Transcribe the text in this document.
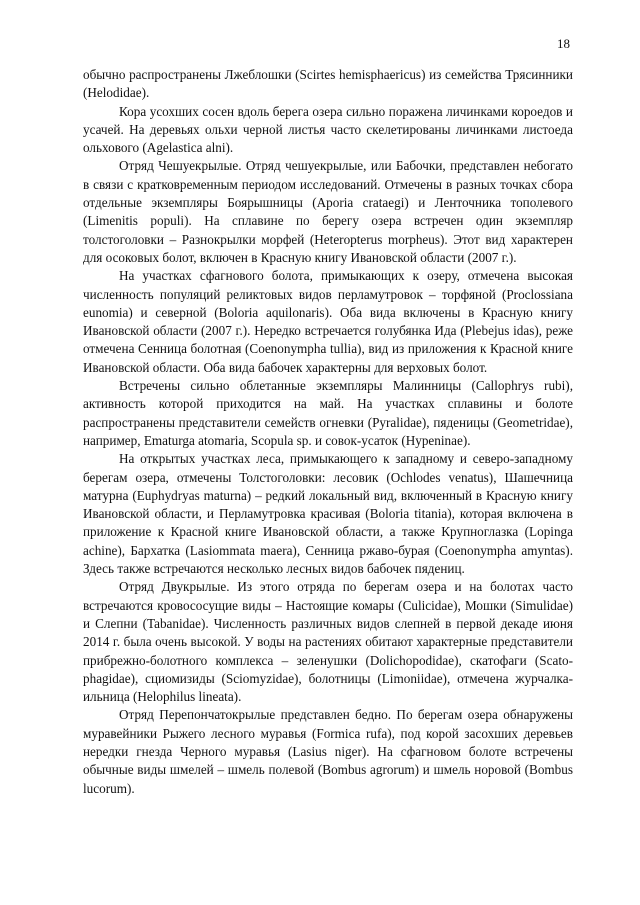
18

обычно распространены Лжеблошки (Scirtes hemisphaericus) из семейства Трясинники (Helodidae).

Кора усохших сосен вдоль берега озера сильно поражена личинками короедов и усачей. На деревьях ольхи черной листья часто скелетированы личинками листоеда ольхового (Agelastica alni).

Отряд Чешуекрылые. Отряд чешуекрылые, или Бабочки, представлен небогато в связи с кратковременным периодом исследований. Отмечены в разных точках сбора отдельные экземпляры Боярышницы (Aporia crataegi) и Ленточника тополевого (Limenitis populi). На сплавине по берегу озера встречен один экземпляр толстоголовки – Разнокрылки морфей (Heteropterus morpheus). Этот вид характерен для осоковых болот, включен в Красную книгу Ивановской области (2007 г.).

На участках сфагнового болота, примыкающих к озеру, отмечена высокая численность популяций реликтовых видов перламутровок – торфяной (Proclossiana eunomia) и северной (Boloria aquilonaris). Оба вида включены в Красную книгу Ивановской области (2007 г.). Нередко встречается голубянка Ида (Plebejus idas), реже отмечена Сенница болотная (Coenonympha tullia), вид из приложения к Красной книге Ивановской области. Оба вида бабочек характерны для верховых болот.

Встречены сильно облетанные экземпляры Малинницы (Callophrys rubi), активность которой приходится на май. На участках сплавины и болоте распространены представители семейств огневки (Pyralidae), пяденицы (Geometridae), например, Ematurga atomaria, Scopula sp. и совок-усаток (Hypeninae).

На открытых участках леса, примыкающего к западному и северо-западному берегам озера, отмечены Толстоголовки: лесовик (Ochlodes venatus), Шашечница матурна (Euphydryas maturna) – редкий локальный вид, включенный в Красную книгу Ивановской области, и Перламутровка красивая (Boloria titania), которая включена в приложение к Красной книге Ивановской области, а также Крупноглазка (Lopinga achine), Бархатка (Lasiommata maera), Сенница ржаво-бурая (Coenonympha amyntas). Здесь также встречаются несколько лесных видов бабочек пядениц.

Отряд Двукрылые. Из этого отряда по берегам озера и на болотах часто встречаются кровососущие виды – Настоящие комары (Culicidae), Мошки (Simulidae) и Слепни (Tabanidae). Численность различных видов слепней в первой декаде июня 2014 г. была очень высокой. У воды на растениях обитают характерные представители прибрежно-болотного комплекса – зеленушки (Dolichopodidae), скатофаги (Scato-phagidae), сциомизиды (Sciomyzidae), болотницы (Limoniidae), отмечена журчалка-ильница (Helophilus lineata).

Отряд Перепончатокрылые представлен бедно. По берегам озера обнаружены муравейники Рыжего лесного муравья (Formica rufa), под корой засохших деревьев нередки гнезда Черного муравья (Lasius niger). На сфагновом болоте встречены обычные виды шмелей – шмель полевой (Bombus agrorum) и шмель норовой (Bombus lucorum).
